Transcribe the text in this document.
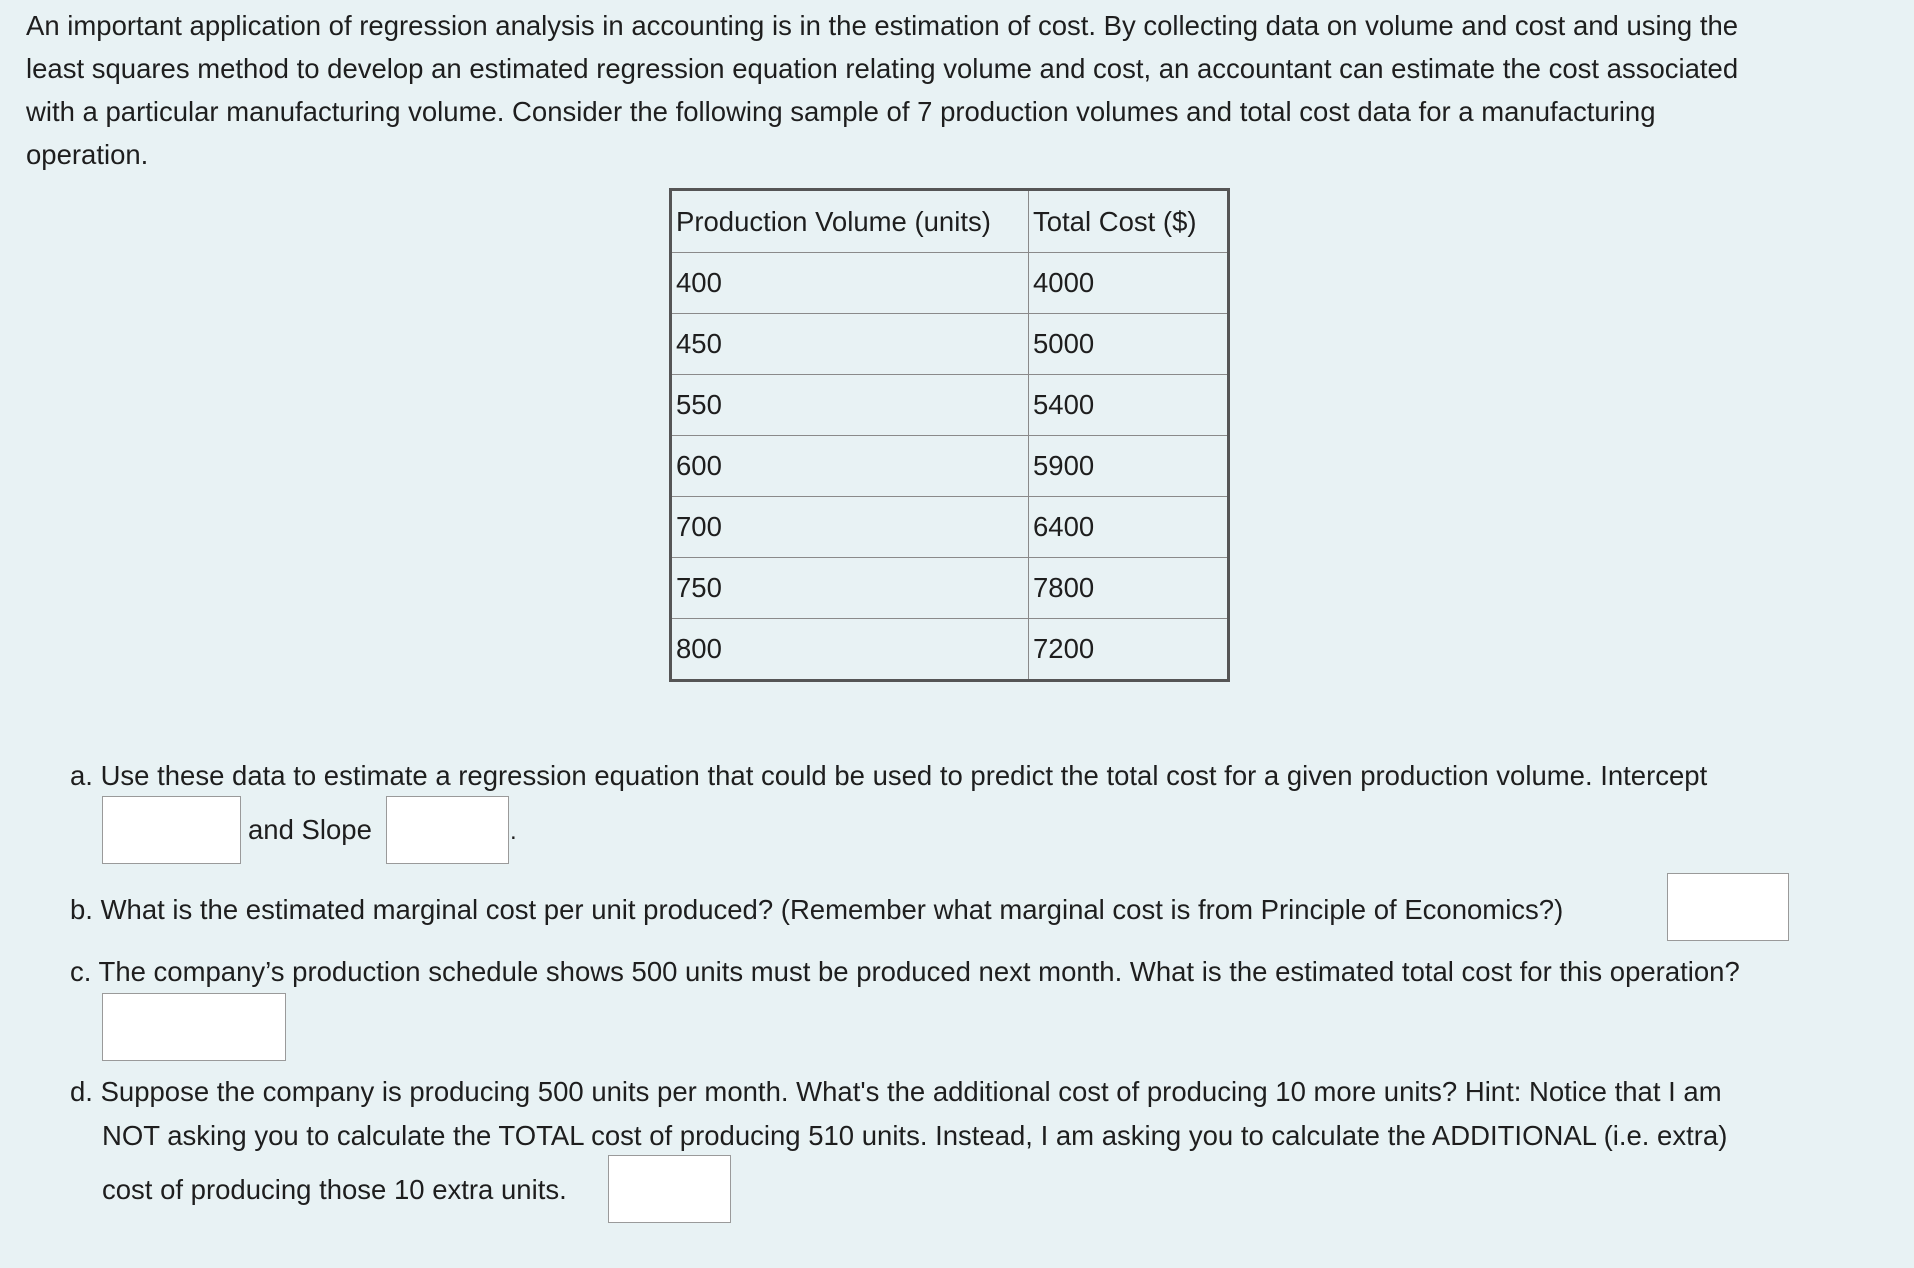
An important application of regression analysis in accounting is in the estimation of cost. By collecting data on volume and cost and using the
least squares method to develop an estimated regression equation relating volume and cost, an accountant can estimate the cost associated
with a particular manufacturing volume. Consider the following sample of 7 production volumes and total cost data for a manufacturing
operation.

Production Volume (units)	Total Cost ($)
400	4000
450	5000
550	5400
600	5900
700	6400
750	7800
800	7200
a. Use these data to estimate a regression equation that could be used to predict the total cost for a given production volume. Intercept
and Slope	.
b. What is the estimated marginal cost per unit produced? (Remember what marginal cost is from Principle of Economics?)
c. The company’s production schedule shows 500 units must be produced next month. What is the estimated total cost for this operation?
d. Suppose the company is producing 500 units per month. What's the additional cost of producing 10 more units? Hint: Notice that I am
NOT asking you to calculate the TOTAL cost of producing 510 units. Instead, I am asking you to calculate the ADDITIONAL (i.e. extra)
cost of producing those 10 extra units.
